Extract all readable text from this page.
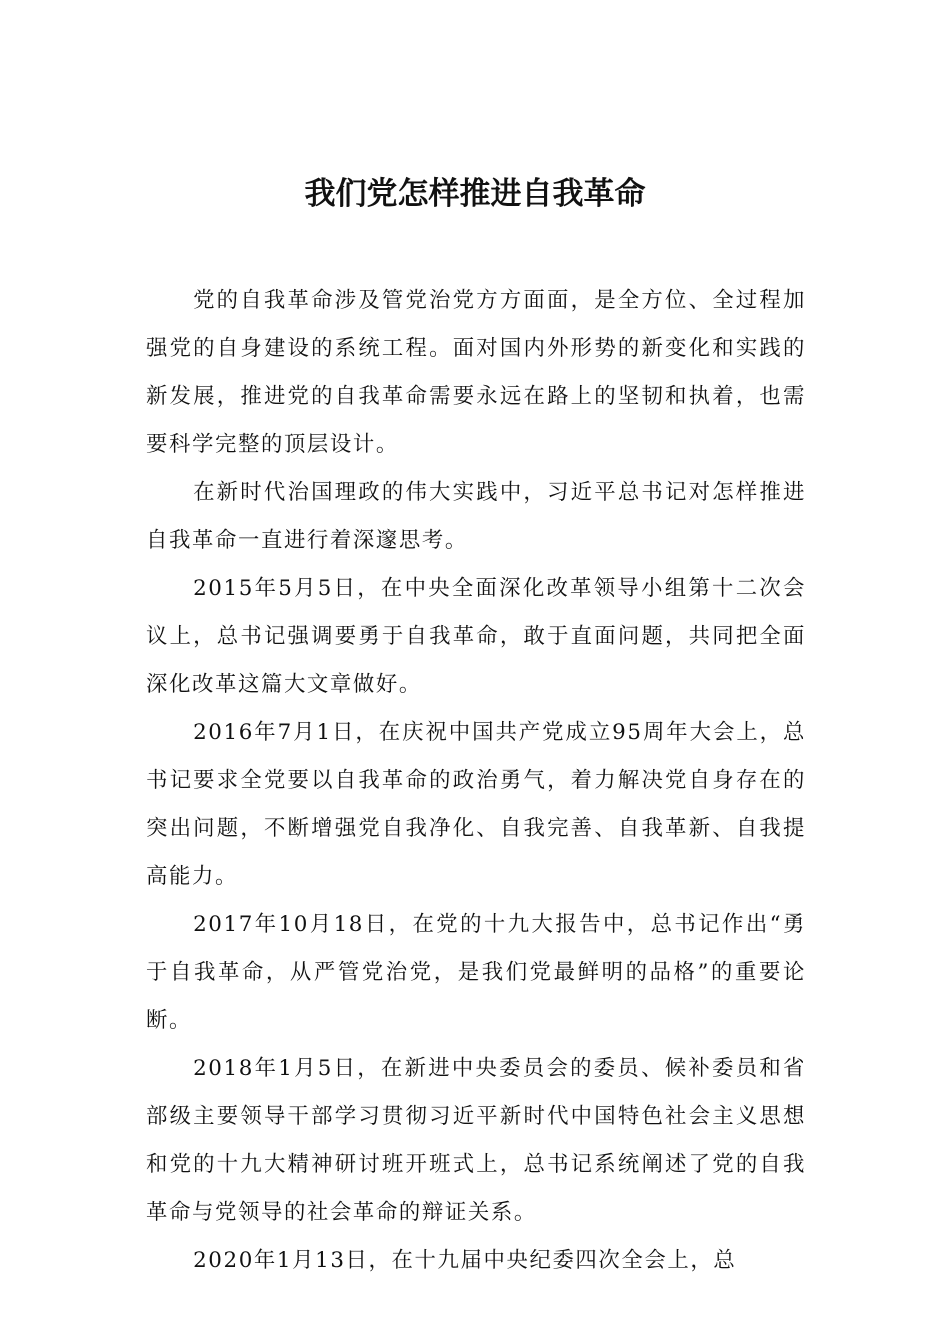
我们党怎样推进自我革命

党的自我革命涉及管党治党方方面面，是全方位、全过程加强党的自身建设的系统工程。面对国内外形势的新变化和实践的新发展，推进党的自我革命需要永远在路上的坚韧和执着，也需要科学完整的顶层设计。

在新时代治国理政的伟大实践中，习近平总书记对怎样推进自我革命一直进行着深邃思考。

2015年5月5日，在中央全面深化改革领导小组第十二次会议上，总书记强调要勇于自我革命，敢于直面问题，共同把全面深化改革这篇大文章做好。

2016年7月1日，在庆祝中国共产党成立95周年大会上，总书记要求全党要以自我革命的政治勇气，着力解决党自身存在的突出问题，不断增强党自我净化、自我完善、自我革新、自我提高能力。

2017年10月18日，在党的十九大报告中，总书记作出“勇于自我革命，从严管党治党，是我们党最鲜明的品格”的重要论断。

2018年1月5日，在新进中央委员会的委员、候补委员和省部级主要领导干部学习贯彻习近平新时代中国特色社会主义思想和党的十九大精神研讨班开班式上，总书记系统阐述了党的自我革命与党领导的社会革命的辩证关系。

2020年1月13日，在十九届中央纪委四次全会上，总
